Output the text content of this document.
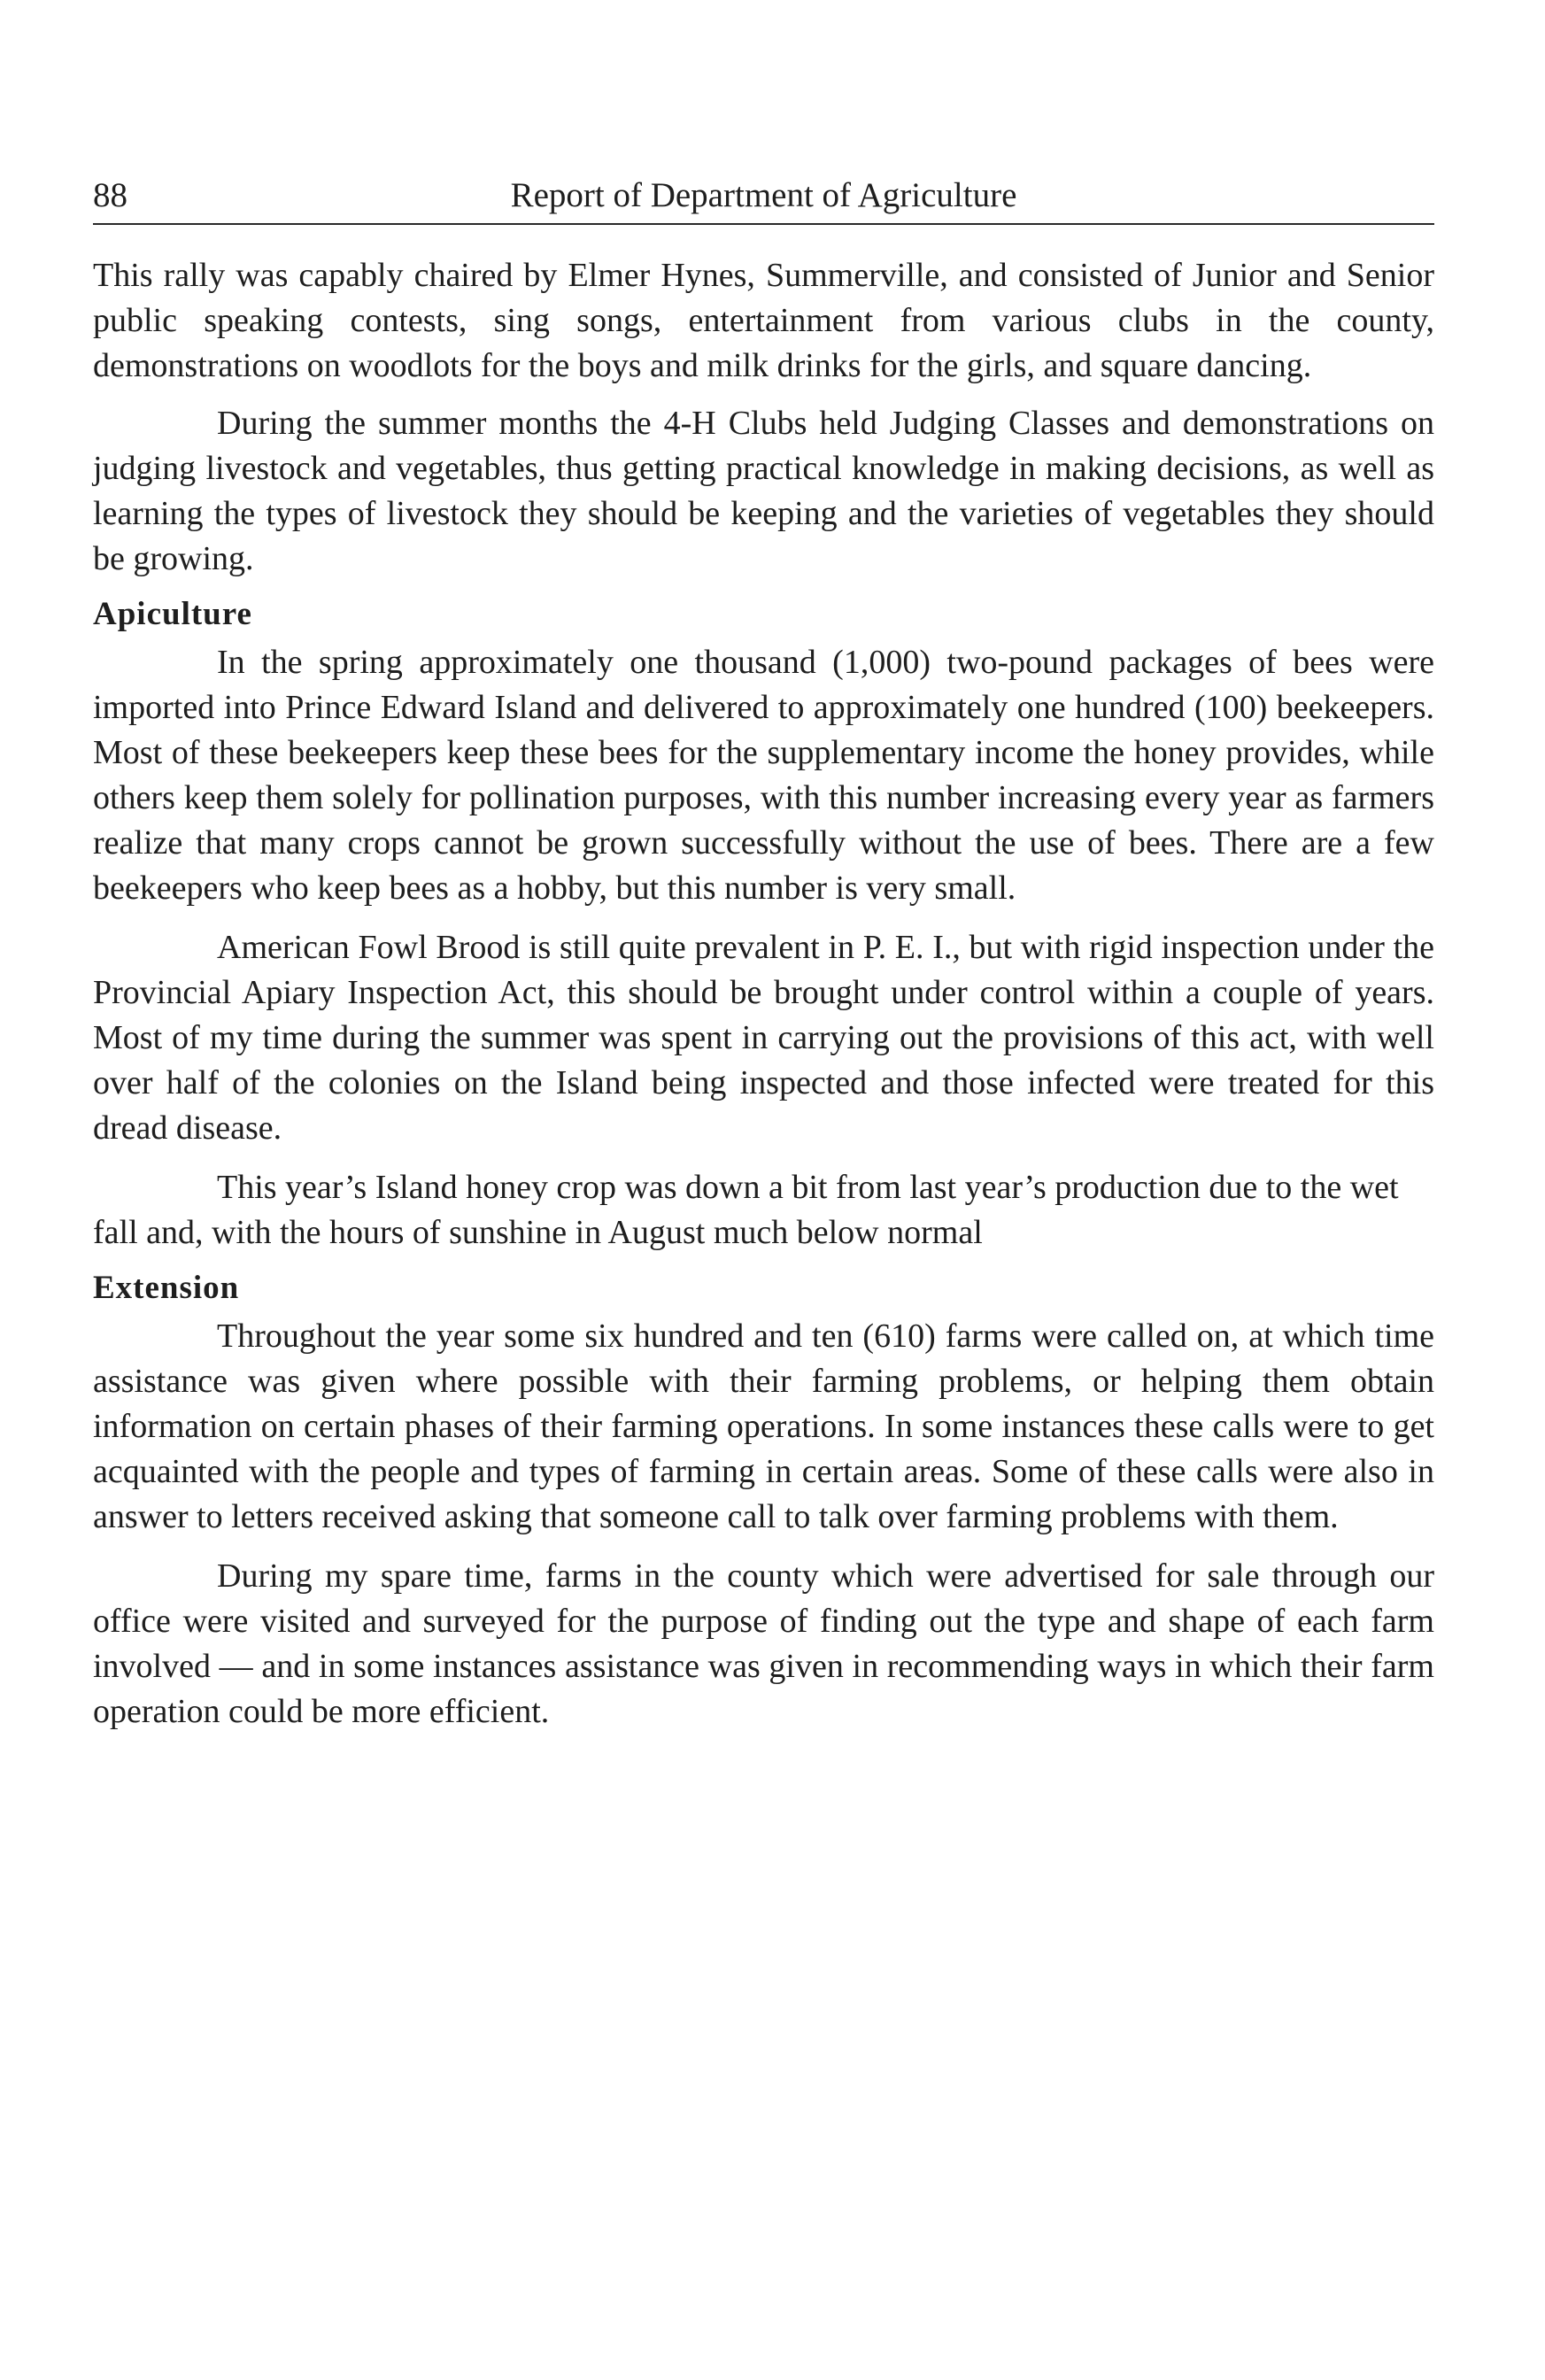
88	Report of Department of Agriculture

This rally was capably chaired by Elmer Hynes, Summerville, and consisted of Junior and Senior public speaking contests, sing songs, entertainment from various clubs in the county, demonstrations on woodlots for the boys and milk drinks for the girls, and square dancing.

During the summer months the 4-H Clubs held Judging Classes and demonstrations on judging livestock and vegetables, thus getting practical knowledge in making decisions, as well as learning the types of livestock they should be keeping and the varieties of vegetables they should be growing.

Apiculture

In the spring approximately one thousand (1,000) two-pound packages of bees were imported into Prince Edward Island and delivered to approximately one hundred (100) beekeepers. Most of these beekeepers keep these bees for the supplementary income the honey provides, while others keep them solely for pollination purposes, with this number increasing every year as farmers realize that many crops cannot be grown successfully without the use of bees. There are a few beekeepers who keep bees as a hobby, but this number is very small.

American Fowl Brood is still quite prevalent in P. E. I., but with rigid inspection under the Provincial Apiary Inspection Act, this should be brought under control within a couple of years. Most of my time during the summer was spent in carrying out the provisions of this act, with well over half of the colonies on the Island being inspected and those infected were treated for this dread disease.

This year’s Island honey crop was down a bit from last year’s production due to the wet fall and, with the hours of sunshine in August much below normal

Extension

Throughout the year some six hundred and ten (610) farms were called on, at which time assistance was given where possible with their farming problems, or helping them obtain information on certain phases of their farming operations. In some instances these calls were to get acquainted with the people and types of farming in certain areas. Some of these calls were also in answer to letters received asking that someone call to talk over farming problems with them.

During my spare time, farms in the county which were advertised for sale through our office were visited and surveyed for the purpose of finding out the type and shape of each farm involved — and in some instances assistance was given in recommending ways in which their farm operation could be more efficient.
